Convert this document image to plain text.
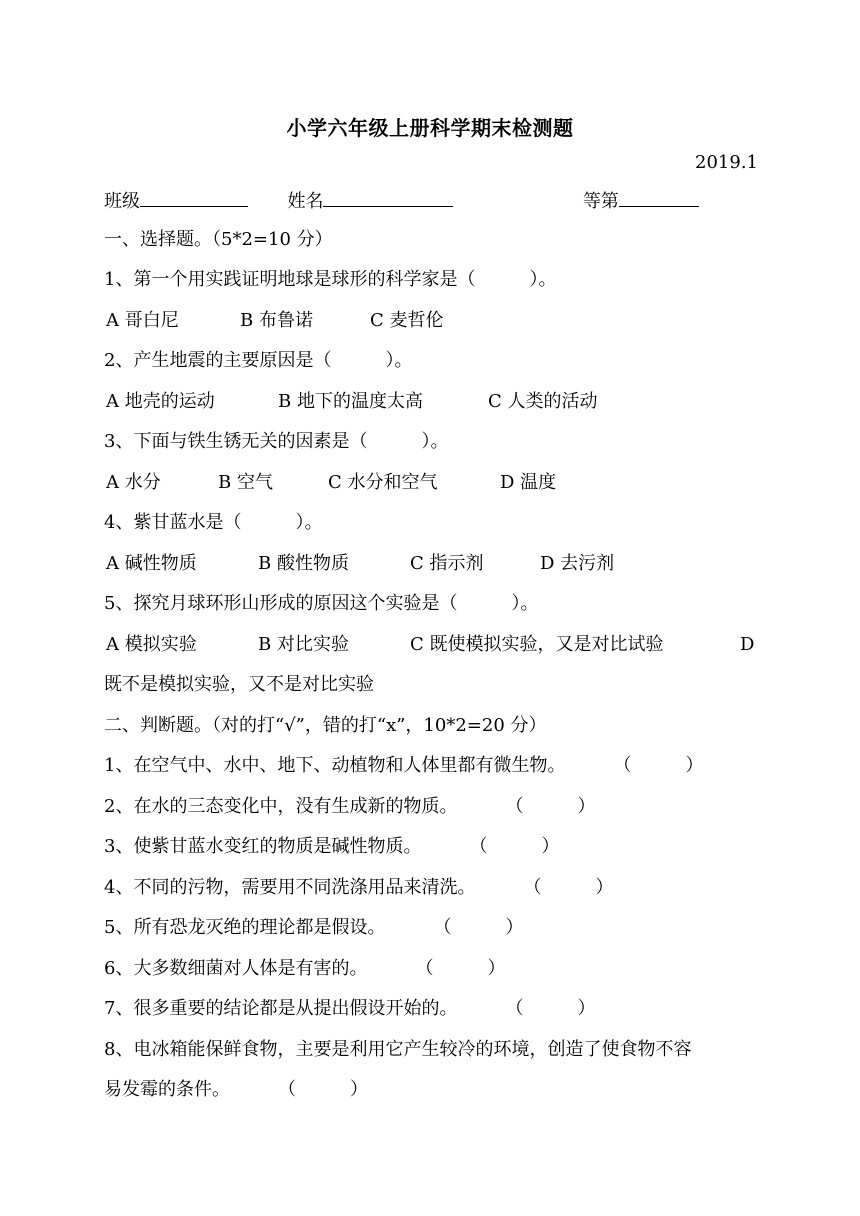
小学六年级上册科学期末检测题
2019.1
班级	姓名	等第
一、选择题。（5*2=10 分）
1、第一个用实践证明地球是球形的科学家是（　　　）。
A 哥白尼	B 布鲁诺	C 麦哲伦
2、产生地震的主要原因是（　　　）。
A 地壳的运动	B 地下的温度太高	C 人类的活动
3、下面与铁生锈无关的因素是（　　　）。
A 水分	B 空气	C 水分和空气	D 温度
4、紫甘蓝水是（　　　）。
A 碱性物质	B 酸性物质	C 指示剂	D 去污剂
5、探究月球环形山形成的原因这个实验是（　　　）。
A 模拟实验	B 对比实验	C 既使模拟实验，又是对比试验	D
既不是模拟实验，又不是对比实验
二、判断题。（对的打“√”，错的打“x”，10*2=20 分）
1、在空气中、水中、地下、动植物和人体里都有微生物。	（　　　）
2、在水的三态变化中，没有生成新的物质。	（　　　）
3、使紫甘蓝水变红的物质是碱性物质。	（　　　）
4、不同的污物，需要用不同洗涤用品来清洗。	（　　　）
5、所有恐龙灭绝的理论都是假设。	（　　　）
6、大多数细菌对人体是有害的。	（　　　）
7、很多重要的结论都是从提出假设开始的。	（　　　）
8、电冰箱能保鲜食物，主要是利用它产生较冷的环境，创造了使食物不容
易发霉的条件。	（　　　）
